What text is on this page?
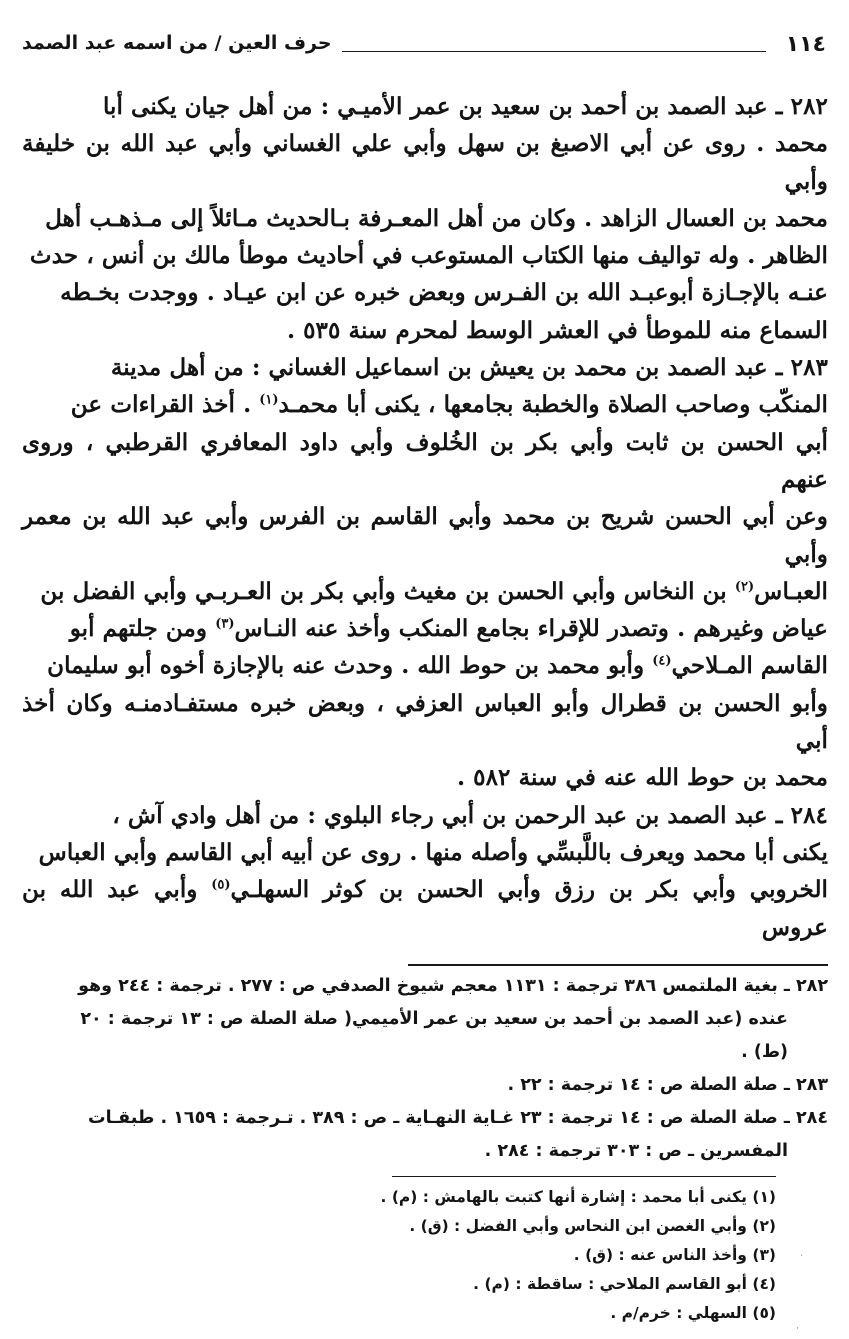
١١٤
حرف العين / من اسمه عبد الصمد

٢٨٢ ـ عبد الصمد بن أحمد بن سعيد بن عمر الأميـي : من أهل جيان يكنى أبا

محمد . روى عن أبي الاصبغ بن سهل وأبي علي الغساني وأبي عبد الله بن خليفة وأبي

محمد بن العسال الزاهد . وكان من أهل المعـرفة بـالحديث مـائلاً إلى مـذهـب أهل

الظاهر . وله تواليف منها الكتاب المستوعب في أحاديث موطأ مالك بن أنس ، حدث

عنـه بالإجـازة أبوعبـد الله بن الفـرس وبعض خبره عن ابن عيـاد . ووجدت بخـطه

السماع منه للموطأ في العشر الوسط لمحرم سنة ٥٣٥ .

٢٨٣ ـ عبد الصمد بن محمد بن يعيش بن اسماعيل الغساني : من أهل مدينة

المنكّب وصاحب الصلاة والخطبة بجامعها ، يكنى أبا محمـد$^{(١)}$ . أخذ القراءات عن

أبي الحسن بن ثابت وأبي بكر بن الخُلوف وأبي داود المعافري القرطبي ، وروى عنهم

وعن أبي الحسن شريح بن محمد وأبي القاسم بن الفرس وأبي عبد الله بن معمر وأبي

العبـاس$^{(٢)}$ بن النخاس وأبي الحسن بن مغيث وأبي بكر بن العـربـي وأبي الفضل بن

عياض وغيرهم . وتصدر للإقراء بجامع المنكب وأخذ عنه النـاس$^{(٣)}$ ومن جلتهم أبو

القاسم المـلاحي$^{(٤)}$ وأبو محمد بن حوط الله . وحدث عنه بالإجازة أخوه أبو سليمان

وأبو الحسن بن قطرال وأبو العباس العزفي ، وبعض خبره مستفـادمنـه وكان أخذ أبي

محمد بن حوط الله عنه في سنة ٥٨٢ .

٢٨٤ ـ عبد الصمد بن عبد الرحمن بن أبي رجاء البلوي : من أهل وادي آش ،

يكنى أبا محمد ويعرف باللَّبسِّي وأصله منها . روى عن أبيه أبي القاسم وأبي العباس

الخروبي وأبي بكر بن رزق وأبي الحسن بن كوثر السهلـي$^{(٥)}$ وأبي عبد الله بن عروس

٢٨٢ ـ بغية الملتمس ٣٨٦ ترجمة : ١١٣١ معجم شيوخ الصدفي ص : ٢٧٧ . ترجمة : ٢٤٤ وهو

عنده (عبد الصمد بن أحمد بن سعيد بن عمر الأميمي( صلة الصلة ص : ١٣ ترجمة : ٢٠

(ط) .

٢٨٣ ـ صلة الصلة ص : ١٤ ترجمة : ٢٢ .

٢٨٤ ـ صلة الصلة ص : ١٤ ترجمة : ٢٣ غـاية النهـاية ـ ص : ٣٨٩ . تـرجمة : ١٦٥٩ . طبقـات

المفسرين ـ ص : ٣٠٣ ترجمة : ٢٨٤ .

(١) يكنى أبا محمد : إشارة أنها كتبت بالهامش : (م) .

(٢) وأبي الغصن ابن النحاس وأبي الفضل : (ق) .

(٣) وأخذ الناس عنه : (ق) .

(٤) أبو القاسم الملاحي : ساقطة : (م) .

(٥) السهلي : خرم/م .

.
,
